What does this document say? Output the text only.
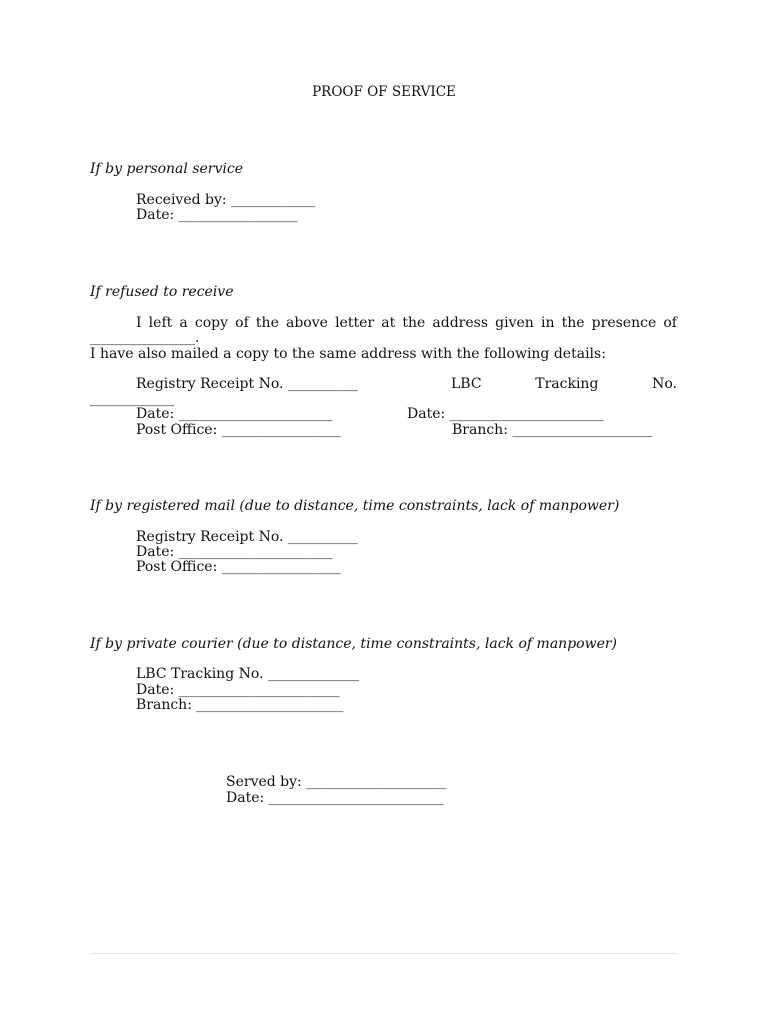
PROOF OF SERVICE
If by personal service
Received by: ____________
Date: _________________
If refused to receive
I left a copy of the above letter at the address given in the presence of
_______________.
I have also mailed a copy to the same address with the following details:
Registry Receipt No. __________	LBC	Tracking	No.
____________
Date: ______________________	Date: ______________________
Post Office: _________________	Branch: ____________________
If by registered mail (due to distance, time constraints, lack of manpower)
Registry Receipt No. __________
Date: ______________________
Post Office: _________________
If by private courier (due to distance, time constraints, lack of manpower)
LBC Tracking No. _____________
Date: _______________________
Branch: _____________________
Served by: ____________________
Date: _________________________
